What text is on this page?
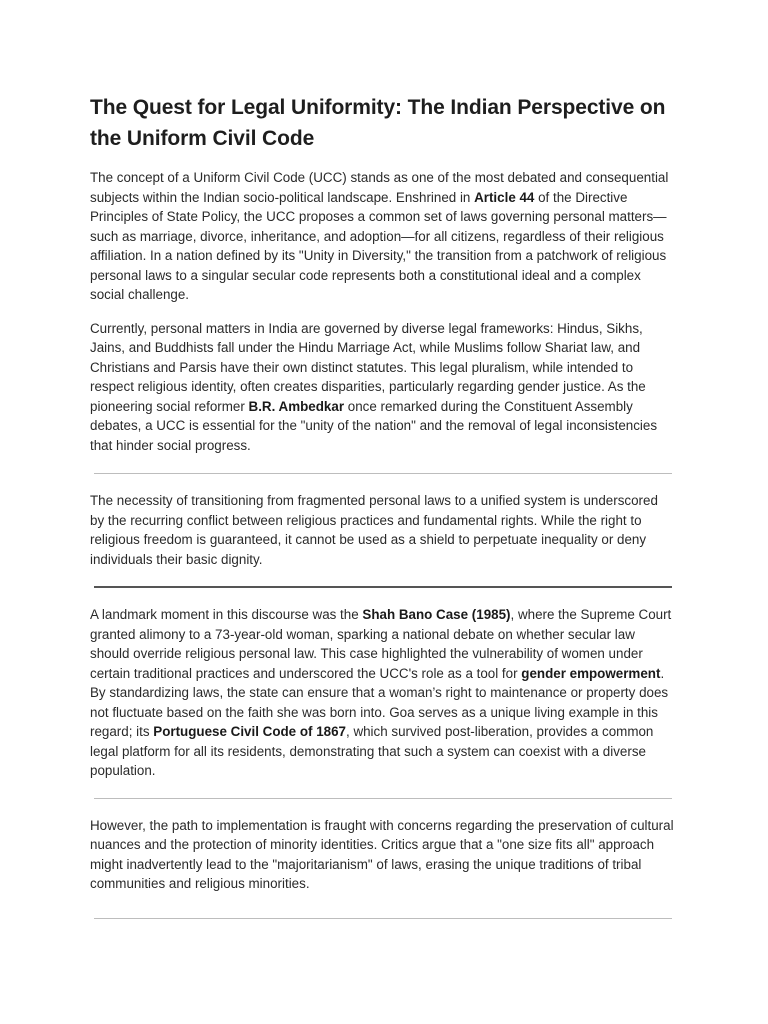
The Quest for Legal Uniformity: The Indian Perspective on the Uniform Civil Code

The concept of a Uniform Civil Code (UCC) stands as one of the most debated and consequential subjects within the Indian socio-political landscape. Enshrined in Article 44 of the Directive Principles of State Policy, the UCC proposes a common set of laws governing personal matters—such as marriage, divorce, inheritance, and adoption—for all citizens, regardless of their religious affiliation. In a nation defined by its "Unity in Diversity," the transition from a patchwork of religious personal laws to a singular secular code represents both a constitutional ideal and a complex social challenge.

Currently, personal matters in India are governed by diverse legal frameworks: Hindus, Sikhs, Jains, and Buddhists fall under the Hindu Marriage Act, while Muslims follow Shariat law, and Christians and Parsis have their own distinct statutes. This legal pluralism, while intended to respect religious identity, often creates disparities, particularly regarding gender justice. As the pioneering social reformer B.R. Ambedkar once remarked during the Constituent Assembly debates, a UCC is essential for the "unity of the nation" and the removal of legal inconsistencies that hinder social progress.

The necessity of transitioning from fragmented personal laws to a unified system is underscored by the recurring conflict between religious practices and fundamental rights. While the right to religious freedom is guaranteed, it cannot be used as a shield to perpetuate inequality or deny individuals their basic dignity.

A landmark moment in this discourse was the Shah Bano Case (1985), where the Supreme Court granted alimony to a 73-year-old woman, sparking a national debate on whether secular law should override religious personal law. This case highlighted the vulnerability of women under certain traditional practices and underscored the UCC's role as a tool for gender empowerment. By standardizing laws, the state can ensure that a woman’s right to maintenance or property does not fluctuate based on the faith she was born into. Goa serves as a unique living example in this regard; its Portuguese Civil Code of 1867, which survived post-liberation, provides a common legal platform for all its residents, demonstrating that such a system can coexist with a diverse population.

However, the path to implementation is fraught with concerns regarding the preservation of cultural nuances and the protection of minority identities. Critics argue that a "one size fits all" approach might inadvertently lead to the "majoritarianism" of laws, erasing the unique traditions of tribal communities and religious minorities.
